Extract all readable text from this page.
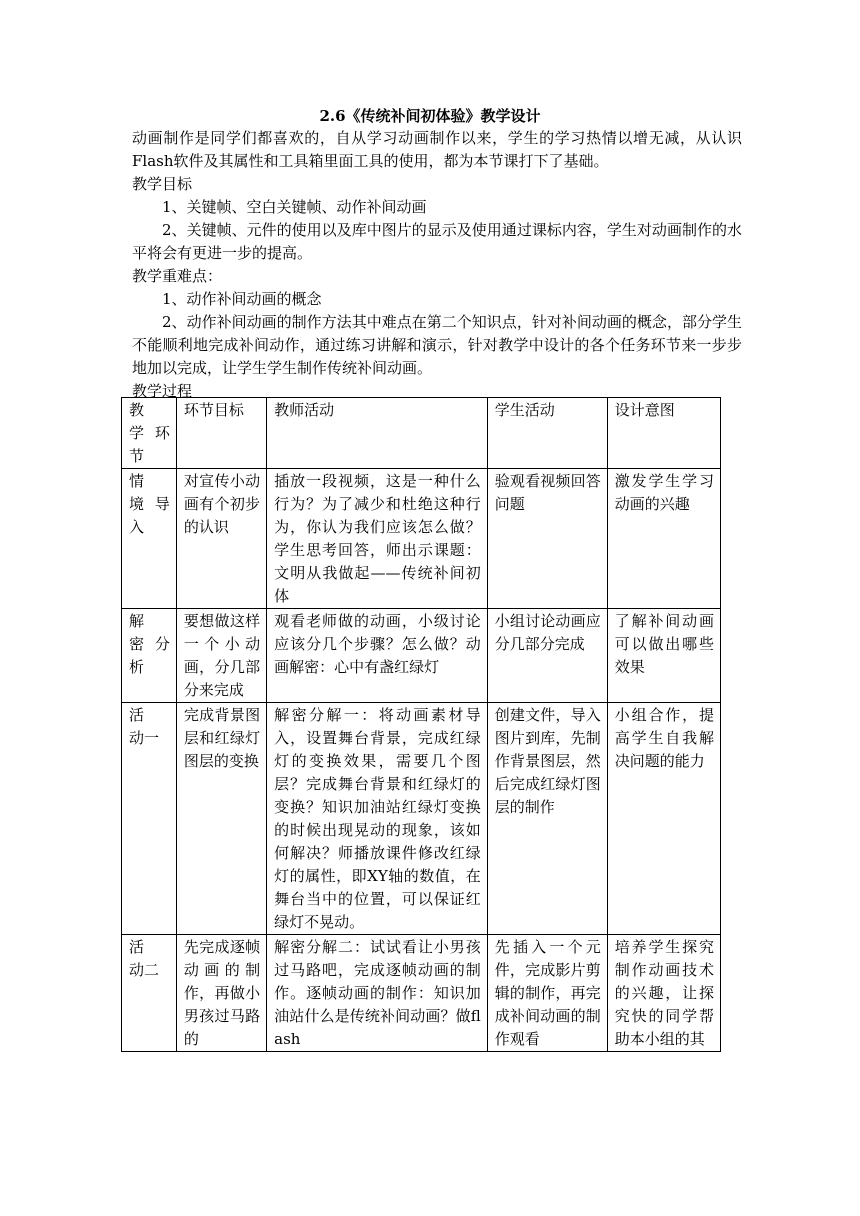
2.6《传统补间初体验》教学设计

动画制作是同学们都喜欢的，自从学习动画制作以来，学生的学习热情以增无减，从认识Flash软件及其属性和工具箱里面工具的使用，都为本节课打下了基础。

教学目标

1、关键帧、空白关键帧、动作补间动画

2、关键帧、元件的使用以及库中图片的显示及使用通过课标内容，学生对动画制作的水平将会有更进一步的提高。

教学重难点：

1、动作补间动画的概念

2、动作补间动画的制作方法其中难点在第二个知识点，针对补间动画的概念，部分学生不能顺利地完成补间动作，通过练习讲解和演示，针对教学中设计的各个任务环节来一步步地加以完成，让学生学生制作传统补间动画。

教学过程

教　学环节	环节目标	教师活动	学生活动	设计意图
情　境导入	对宣传小动画有个初步的认识	插放一段视频，这是一种什么行为？为了减少和杜绝这种行为，你认为我们应该怎么做？　学生思考回答，师出示课题：文明从我做起——传统补间初体	验观看视频回答问题	激发学生学习动画的兴趣
解　密分析	要想做这样一个小动画，分几部分来完成	观看老师做的动画，小级讨论应该分几个步骤？怎么做？动画解密：心中有盏红绿灯	小组讨论动画应分几部分完成	了解补间动画可以做出哪些效果
活　动一	完成背景图层和红绿灯图层的变换	解密分解一：将动画素材导入，设置舞台背景，完成红绿灯的变换效果，需要几个图层？完成舞台背景和红绿灯的变换？知识加油站红绿灯变换的时候出现晃动的现象，该如何解决？师播放课件修改红绿灯的属性，即XY轴的数值，在舞台当中的位置，可以保证红绿灯不晃动。	创建文件，导入图片到库，先制作背景图层，然后完成红绿灯图层的制作	小组合作，提高学生自我解决问题的能力
活　动二	先完成逐帧动画的制作，再做小男孩过马路的	解密分解二：试试看让小男孩过马路吧，完成逐帧动画的制作。逐帧动画的制作：知识加油站什么是传统补间动画？做flash	先插入一个元件，完成影片剪辑的制作，再完成补间动画的制作观看	培养学生探究制作动画技术的兴趣，让探究快的同学帮助本小组的其
